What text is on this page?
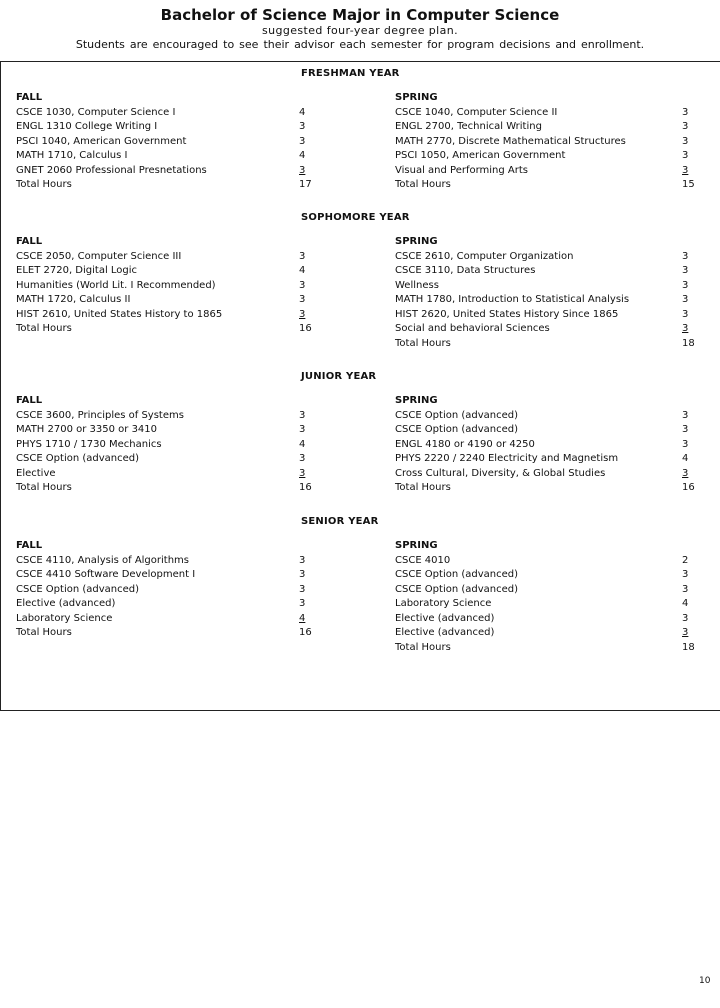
Bachelor of Science Major in Computer Science
suggested four-year degree plan.
Students are encouraged to see their advisor each semester for program decisions and enrollment.
FRESHMAN YEAR
FALL
CSCE 1030, Computer Science I	4
ENGL 1310 College Writing I	3
PSCI 1040, American Government	3
MATH 1710, Calculus I	4
GNET 2060 Professional Presnetations	3
Total Hours	17
SPRING
CSCE 1040, Computer Science II	3
ENGL 2700, Technical Writing	3
MATH 2770, Discrete Mathematical Structures	3
PSCI 1050, American Government	3
Visual and Performing Arts	3
Total Hours	15
SOPHOMORE YEAR
FALL
CSCE 2050, Computer Science III	3
ELET 2720, Digital Logic	4
Humanities (World Lit. I Recommended)	3
MATH 1720, Calculus II	3
HIST 2610, United States History to 1865	3
Total Hours	16
SPRING
CSCE 2610, Computer Organization	3
CSCE 3110, Data Structures	3
Wellness	3
MATH 1780, Introduction to Statistical Analysis	3
HIST 2620, United States History Since 1865	3
Social and behavioral Sciences	3
Total Hours	18
JUNIOR YEAR
FALL
CSCE 3600, Principles of Systems	3
MATH 2700 or 3350 or 3410	3
PHYS 1710 / 1730 Mechanics	4
CSCE Option (advanced)	3
Elective	3
Total Hours	16
SPRING
CSCE Option (advanced)	3
CSCE Option (advanced)	3
ENGL 4180 or 4190 or 4250	3
PHYS 2220 / 2240 Electricity and Magnetism	4
Cross Cultural, Diversity, & Global Studies	3
Total Hours	16
SENIOR YEAR
FALL
CSCE 4110, Analysis of Algorithms	3
CSCE 4410 Software Development I	3
CSCE Option (advanced)	3
Elective (advanced)	3
Laboratory Science	4
Total Hours	16
SPRING
CSCE 4010	2
CSCE Option (advanced)	3
CSCE Option (advanced)	3
Laboratory Science	4
Elective (advanced)	3
Elective (advanced)	3
Total Hours	18
10
